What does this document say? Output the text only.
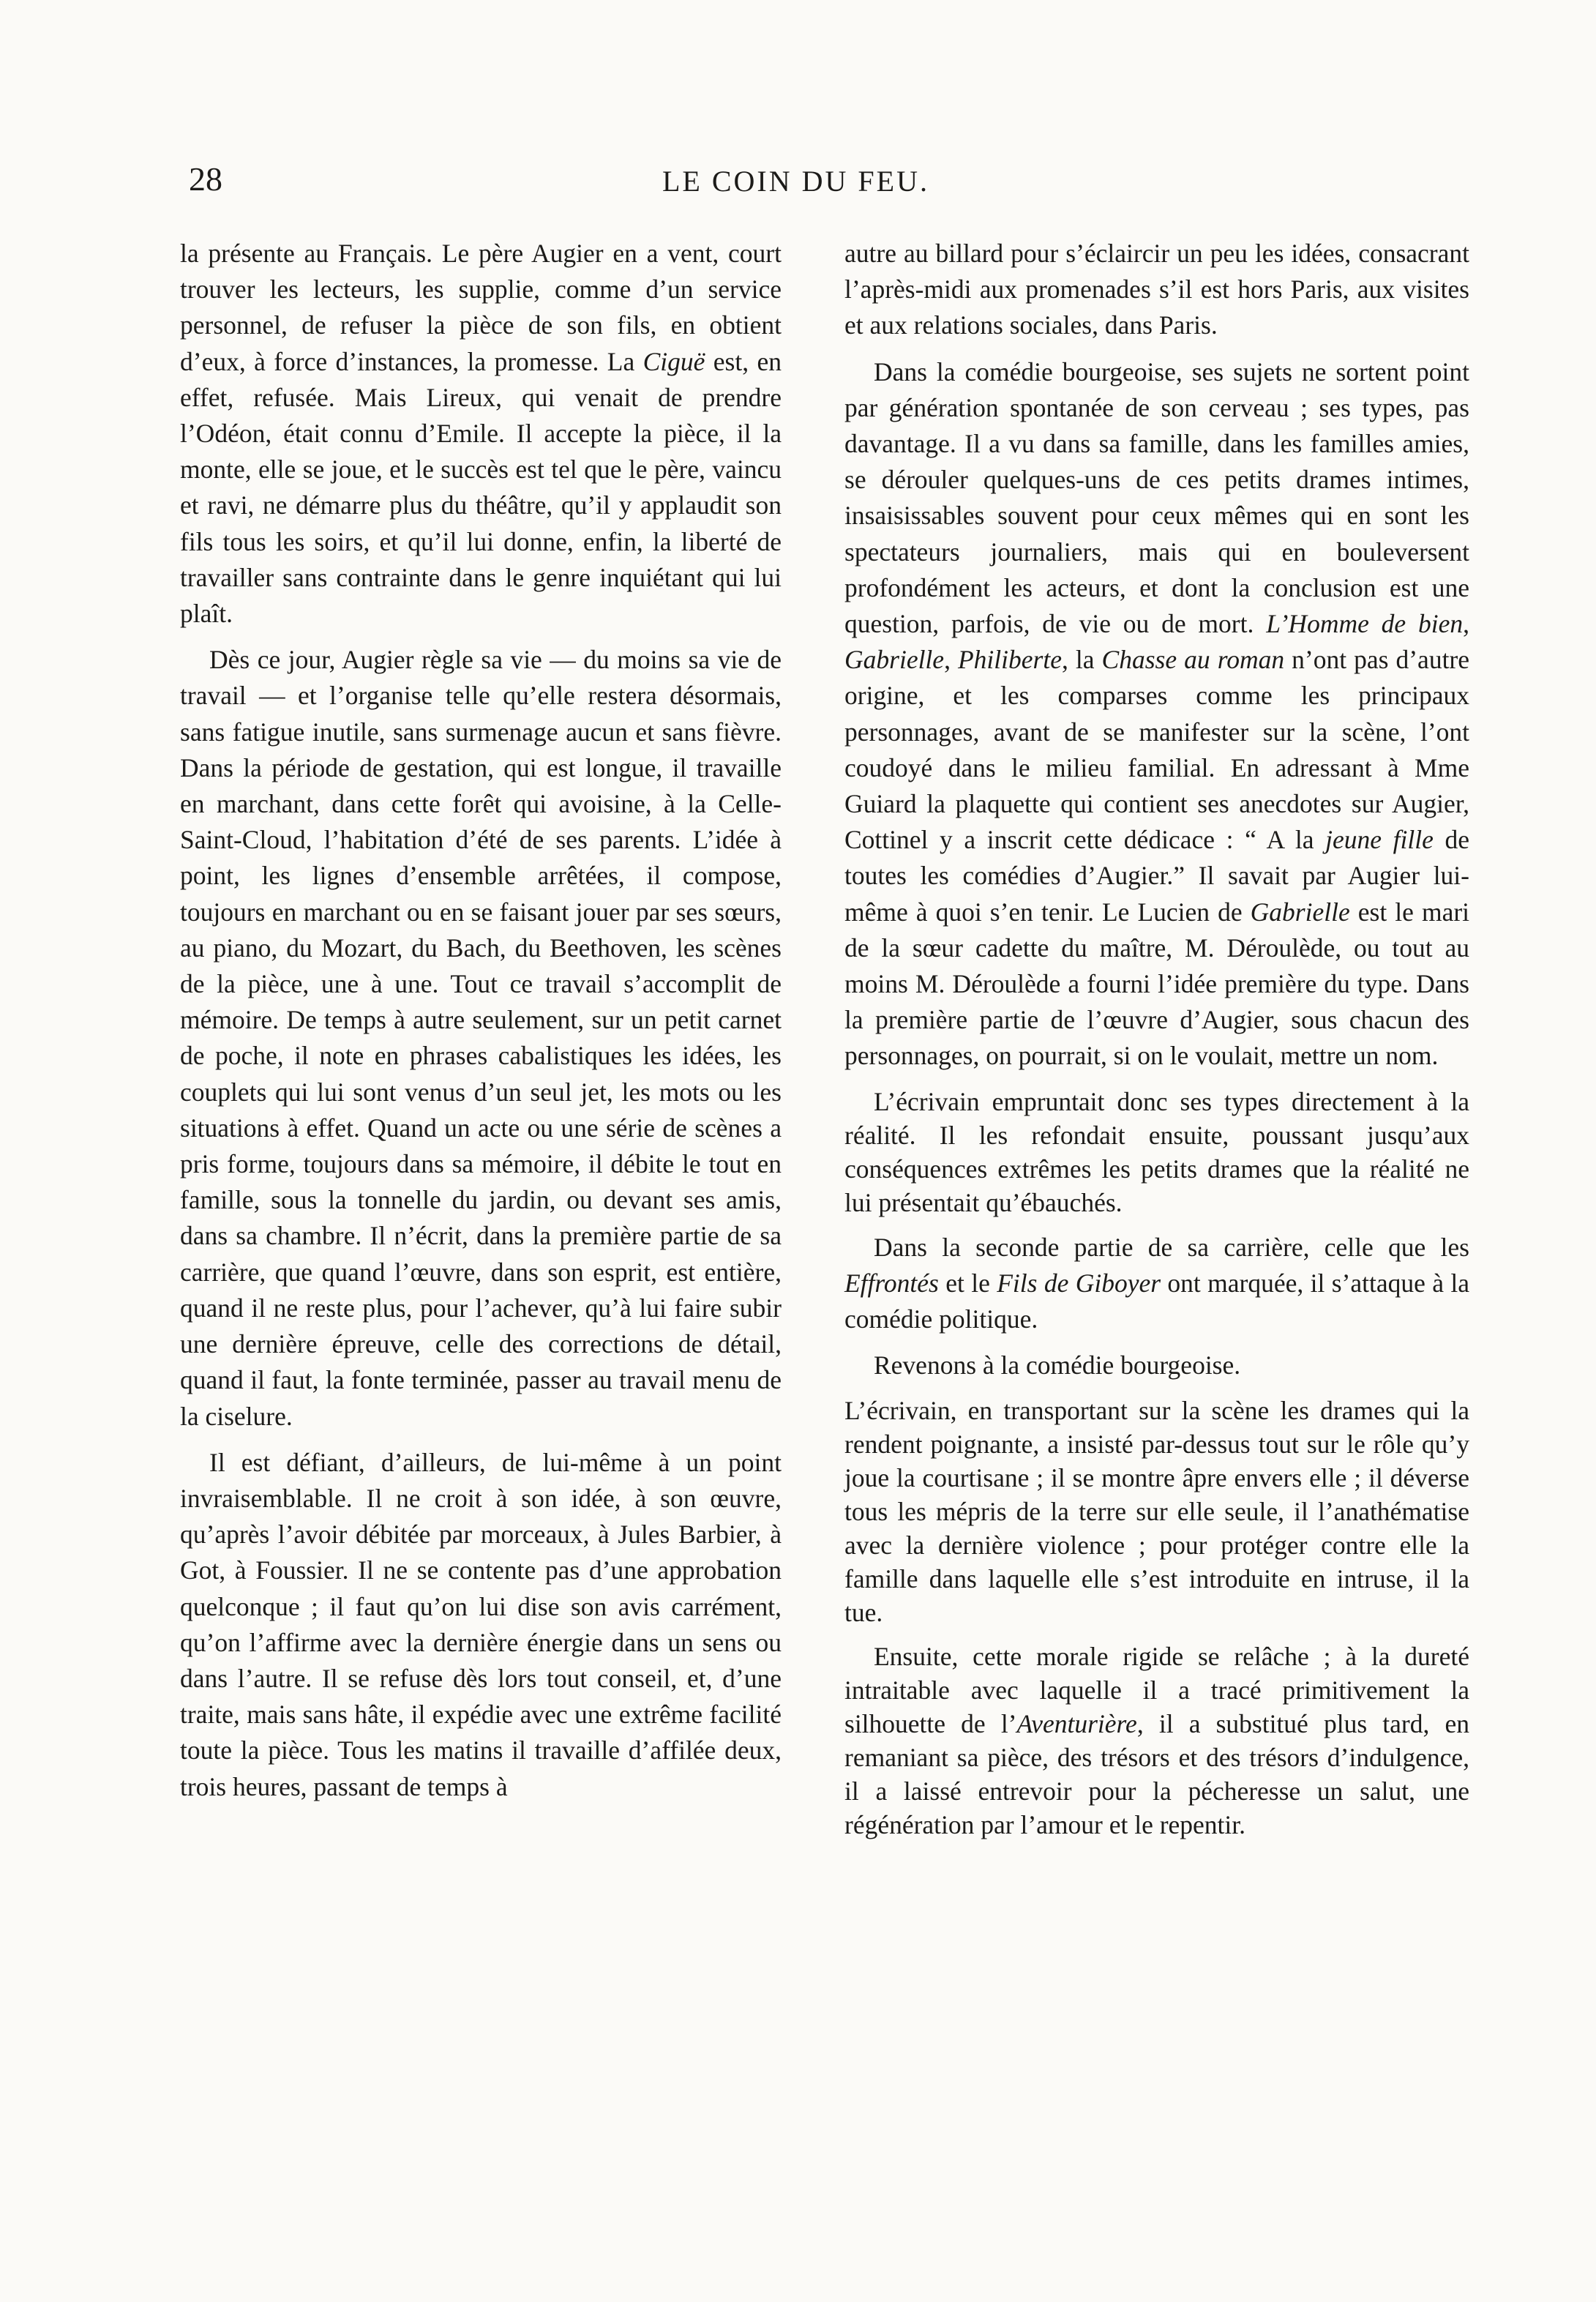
28	LE COIN DU FEU.

la présente au Français. Le père Augier en a vent, court trouver les lecteurs, les supplie, comme d’un service personnel, de refuser la pièce de son fils, en obtient d’eux, à force d’instances, la promesse. La Ciguë est, en effet, refusée. Mais Lireux, qui venait de prendre l’Odéon, était connu d’Emile. Il accepte la pièce, il la monte, elle se joue, et le succès est tel que le père, vaincu et ravi, ne démarre plus du théâtre, qu’il y applaudit son fils tous les soirs, et qu’il lui donne, enfin, la liberté de travailler sans contrainte dans le genre inquiétant qui lui plaît.

Dès ce jour, Augier règle sa vie — du moins sa vie de travail — et l’organise telle qu’elle restera désormais, sans fatigue inutile, sans surmenage aucun et sans fièvre. Dans la période de gestation, qui est longue, il travaille en marchant, dans cette forêt qui avoisine, à la Celle-Saint-Cloud, l’habitation d’été de ses parents. L’idée à point, les lignes d’ensemble arrêtées, il compose, toujours en marchant ou en se faisant jouer par ses sœurs, au piano, du Mozart, du Bach, du Beethoven, les scènes de la pièce, une à une. Tout ce travail s’accomplit de mémoire. De temps à autre seulement, sur un petit carnet de poche, il note en phrases cabalistiques les idées, les couplets qui lui sont venus d’un seul jet, les mots ou les situations à effet. Quand un acte ou une série de scènes a pris forme, toujours dans sa mémoire, il débite le tout en famille, sous la tonnelle du jardin, ou devant ses amis, dans sa chambre. Il n’écrit, dans la première partie de sa carrière, que quand l’œuvre, dans son esprit, est entière, quand il ne reste plus, pour l’achever, qu’à lui faire subir une dernière épreuve, celle des corrections de détail, quand il faut, la fonte terminée, passer au travail menu de la ciselure.

Il est défiant, d’ailleurs, de lui-même à un point invraisemblable. Il ne croit à son idée, à son œuvre, qu’après l’avoir débitée par morceaux, à Jules Barbier, à Got, à Foussier. Il ne se contente pas d’une approbation quelconque ; il faut qu’on lui dise son avis carrément, qu’on l’affirme avec la dernière énergie dans un sens ou dans l’autre. Il se refuse dès lors tout conseil, et, d’une traite, mais sans hâte, il expédie avec une extrême facilité toute la pièce. Tous les matins il travaille d’affilée deux, trois heures, passant de temps à

autre au billard pour s’éclaircir un peu les idées, consacrant l’après-midi aux promenades s’il est hors Paris, aux visites et aux relations sociales, dans Paris.

Dans la comédie bourgeoise, ses sujets ne sortent point par génération spontanée de son cerveau ; ses types, pas davantage. Il a vu dans sa famille, dans les familles amies, se dérouler quelques-uns de ces petits drames intimes, insaisissables souvent pour ceux mêmes qui en sont les spectateurs journaliers, mais qui en bouleversent profondément les acteurs, et dont la conclusion est une question, parfois, de vie ou de mort. L’Homme de bien, Gabrielle, Philiberte, la Chasse au roman n’ont pas d’autre origine, et les comparses comme les principaux personnages, avant de se manifester sur la scène, l’ont coudoyé dans le milieu familial. En adressant à Mme Guiard la plaquette qui contient ses anecdotes sur Augier, Cottinel y a inscrit cette dédicace : “ A la jeune fille de toutes les comédies d’Augier.” Il savait par Augier lui-même à quoi s’en tenir. Le Lucien de Gabrielle est le mari de la sœur cadette du maître, M. Déroulède, ou tout au moins M. Déroulède a fourni l’idée première du type. Dans la première partie de l’œuvre d’Augier, sous chacun des personnages, on pourrait, si on le voulait, mettre un nom.

L’écrivain empruntait donc ses types directement à la réalité. Il les refondait ensuite, poussant jusqu’aux conséquences extrêmes les petits drames que la réalité ne lui présentait qu’ébauchés.

Dans la seconde partie de sa carrière, celle que les Effrontés et le Fils de Giboyer ont marquée, il s’attaque à la comédie politique.

Revenons à la comédie bourgeoise.

L’écrivain, en transportant sur la scène les drames qui la rendent poignante, a insisté par-dessus tout sur le rôle qu’y joue la courtisane ; il se montre âpre envers elle ; il déverse tous les mépris de la terre sur elle seule, il l’anathématise avec la dernière violence ; pour protéger contre elle la famille dans laquelle elle s’est introduite en intruse, il la tue.

Ensuite, cette morale rigide se relâche ; à la dureté intraitable avec laquelle il a tracé primitivement la silhouette de l’Aventurière, il a substitué plus tard, en remaniant sa pièce, des trésors et des trésors d’indulgence, il a laissé entrevoir pour la pécheresse un salut, une régénération par l’amour et le repentir.
